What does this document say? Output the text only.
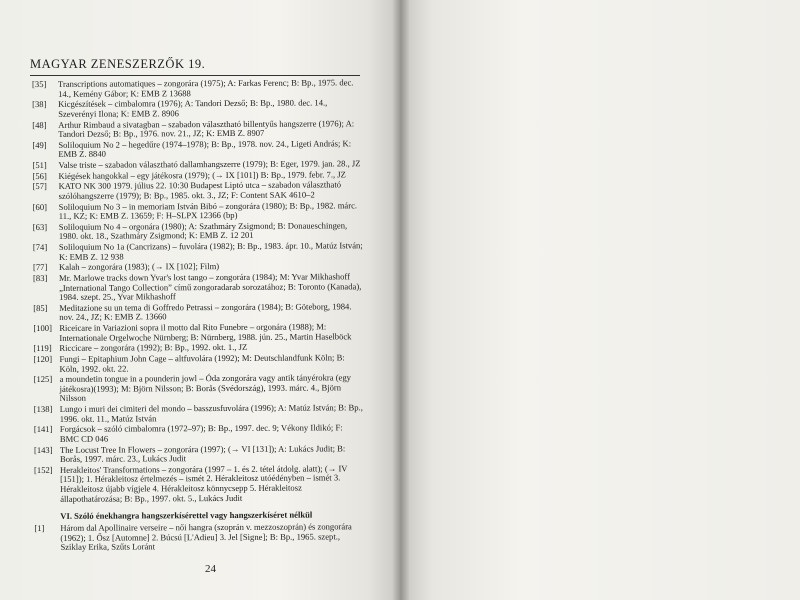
MAGYAR ZENESZERZŐK 19.
[35] Transcriptions automatiques – zongorára (1975); A: Farkas Ferenc; B: Bp., 1975. dec. 14., Kemény Gábor; K: EMB Z 13688
[38] Kicgészítések – cimbalomra (1976); A: Tandori Dezső; B: Bp., 1980. dec. 14., Szeverényi Ilona; K: EMB Z. 8906
[48] Arthur Rimbaud a sivatagban – szabadon választható billentyűs hangszerre (1976); A: Tandori Dezső; B: Bp., 1976. nov. 21., JZ; K: EMB Z. 8907
[49] Soliloquium No 2 – hegedűre (1974–1978); B: Bp., 1978. nov. 24., Ligeti András; K: EMB Z. 8840
[51] Valse triste – szabadon választható dallamhangszerre (1979); B: Eger, 1979. jan. 28., JZ
[56] Kiégések hangokkal – egy játékosra (1979); (→ IX [101]) B: Bp., 1979. febr. 7., JZ
[57] KATO NK 300 1979. július 22. 10:30 Budapest Liptó utca – szabadon választható szólóhangszerre (1979); B: Bp., 1985. okt. 3., JZ; F: Content SAK 4610–2
[60] Soliloquium No 3 – in memoriam István Bibó – zongorára (1980); B: Bp., 1982. márc. 11., KZ; K: EMB Z. 13659; F: H–SLPX 12366 (bp)
[63] Soliloquium No 4 – orgonára (1980); A: Szathmáry Zsigmond; B: Donaueschingen, 1980. okt. 18., Szathmáry Zsigmond; K: EMB Z. 12 201
[74] Soliloquium No 1a (Cancrizans) – fuvolára (1982); B: Bp., 1983. ápr. 10., Matúz István; K: EMB Z. 12 938
[77] Kalah – zongorára (1983); (→ IX [102]; Film)
[83] Mr. Marlowe tracks down Yvar's lost tango – zongorára (1984); M: Yvar Mikhashoff „International Tango Collection” című zongoradarab sorozatához; B: Toronto (Kanada), 1984. szept. 25., Yvar Mikhashoff
[85] Meditazione su un tema di Goffredo Petrassi – zongorára (1984); B: Göteborg, 1984. nov. 24., JZ; K: EMB Z. 13660
[100] Riceicare in Variazioni sopra il motto dal Rito Funebre – orgonára (1988); M: Internationale Orgelwoche Nürnberg; B: Nürnberg, 1988. jún. 25., Martin Haselböck
[119] Riccicare – zongorára (1992); B: Bp., 1992. okt. 1., JZ
[120] Fungi – Epitaphium John Cage – altfuvolára (1992); M: Deutschlandfunk Köln; B: Köln, 1992. okt. 22.
[125] a moundetin tongue in a pounderin jowl – Óda zongorára vagy antik tányérokra (egy játékosra)(1993); M: Björn Nilsson; B: Borås (Svédország), 1993. márc. 4., Björn Nilsson
[138] Lungo i muri dei cimiteri del mondo – basszusfuvolára (1996); A: Matúz István; B: Bp., 1996. okt. 11., Matúz István
[141] Forgácsok – szóló cimbalomra (1972–97); B: Bp., 1997. dec. 9; Vékony Ildikó; F: BMC CD 046
[143] The Locust Tree In Flowers – zongorára (1997); (→ VI [131]); A: Lukács Judit; B: Borås, 1997. márc. 23., Lukács Judit
[152] Herakleitos' Transformations – zongorára (1997 – 1. és 2. tétel átdolg. alatt); (→ IV [151]); 1. Hérakleitosz értelmezés – ismét 2. Hérakleitosz utóédényben – ismét 3. Hérakleitosz újabb vígjele 4. Hérakleitosz könnycsepp 5. Hérakleitosz állapothatározása; B: Bp., 1997. okt. 5., Lukács Judit
VI. Szóló énekhangra hangszerkísérettel vagy hangszerkíséret nélkül
[1] Három dal Apollinaire verseire – női hangra (szoprán v. mezzoszoprán) és zongorára (1962); 1. Ősz [Automne] 2. Búcsú [L'Adieu] 3. Jel [Signe]; B: Bp., 1965. szept., Sziklay Erika, Szűts Loránt
24
